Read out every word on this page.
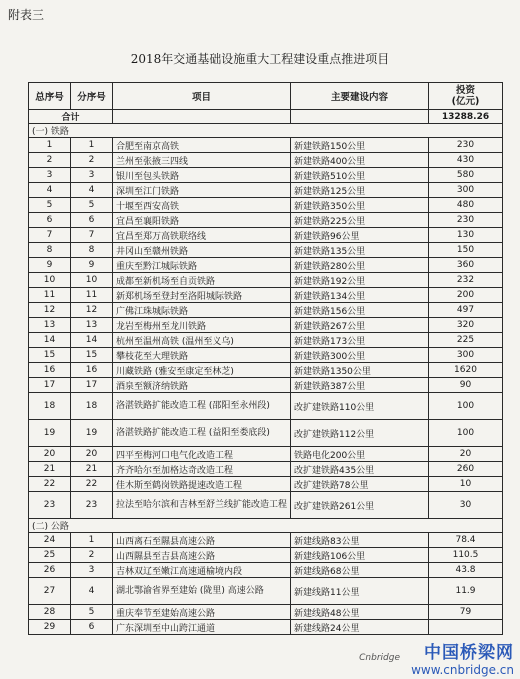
附表三
2018年交通基础设施重大工程建设重点推进项目
总序号	分序号	项目	主要建设内容	投资
(亿元)
合计				13288.26
(一) 铁路				
1	1	合肥至南京高铁	新建铁路150公里	230
2	2	兰州至张掖三四线	新建铁路400公里	430
3	3	银川至包头铁路	新建铁路510公里	580
4	4	深圳至江门铁路	新建铁路125公里	300
5	5	十堰至西安高铁	新建铁路350公里	480
6	6	宜昌至襄阳铁路	新建铁路225公里	230
7	7	宜昌至郑万高铁联络线	新建铁路96公里	130
8	8	井冈山至赣州铁路	新建铁路135公里	150
9	9	重庆至黔江城际铁路	新建铁路280公里	360
10	10	成都至新机场至自贡铁路	新建铁路192公里	232
11	11	新郑机场至登封至洛阳城际铁路	新建铁路134公里	200
12	12	广佛江珠城际铁路	新建铁路156公里	497
13	13	龙岩至梅州至龙川铁路	新建铁路267公里	320
14	14	杭州至温州高铁 (温州至义乌)	新建铁路173公里	225
15	15	攀枝花至大理铁路	新建铁路300公里	300
16	16	川藏铁路 (雅安至康定至林芝)	新建铁路1350公里	1620
17	17	酒泉至额济纳铁路	新建铁路387公里	90
18	18	洛湛铁路扩能改造工程 (邵阳至永州段)	改扩建铁路110公里	100
19	19	洛湛铁路扩能改造工程 (益阳至娄底段)	改扩建铁路112公里	100
20	20	四平至梅河口电气化改造工程	铁路电化200公里	20
21	21	齐齐哈尔至加格达奇改造工程	改扩建铁路435公里	260
22	22	佳木斯至鹤岗铁路提速改造工程	改扩建铁路78公里	10
23	23	拉法至哈尔滨和吉林至舒兰线扩能改造工程	改扩建铁路261公里	30
(二) 公路				
24	1	山西离石至隰县高速公路	新建线路83公里	78.4
25	2	山西隰县至吉县高速公路	新建线路106公里	110.5
26	3	吉林双辽至嫩江高速通榆境内段	新建线路68公里	43.8
27	4	湖北鄂渝省界至建始 (陇里) 高速公路	新建线路11公里	11.9
28	5	重庆奉节至建始高速公路	新建线路48公里	79
29	6	广东深圳至中山跨江通道	新建线路24公里	
Cnbridge	中国桥梁网
www.cnbridge.cn
